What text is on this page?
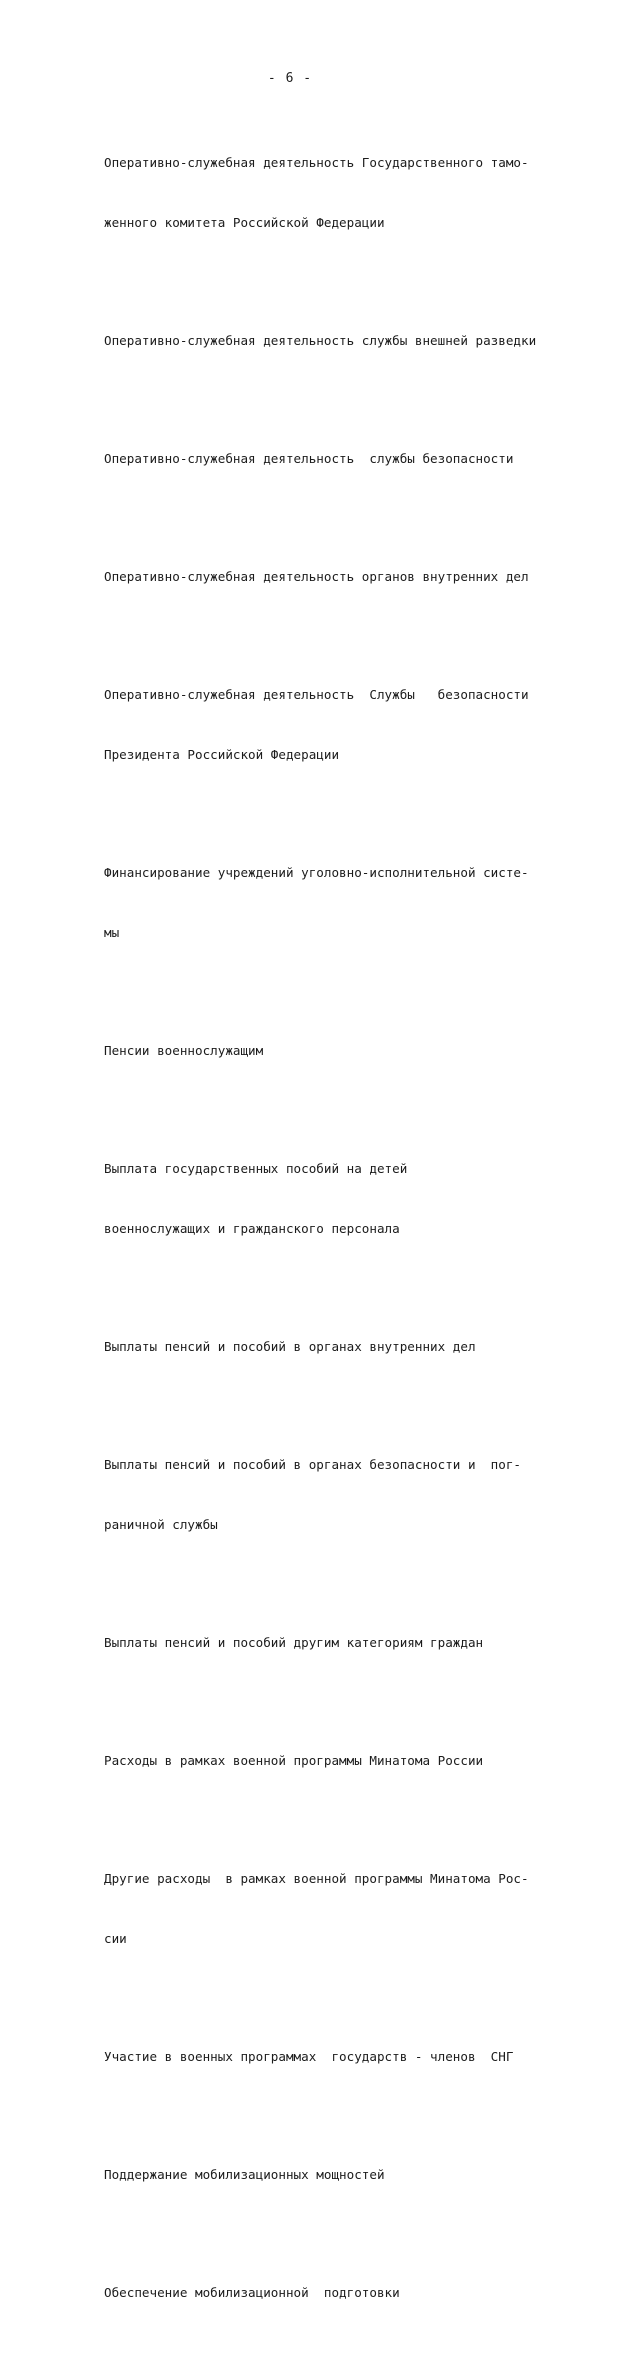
- 6 -

Оперативно-служебная деятельность Государственного тамо-

женного комитета Российской Федерации

Оперативно-служебная деятельность службы внешней разведки

Оперативно-служебная деятельность  службы безопасности

Оперативно-служебная деятельность органов внутренних дел

Оперативно-служебная деятельность  Службы   безопасности

Президента Российской Федерации

Финансирование учреждений уголовно-исполнительной систе-

мы

Пенсии военнослужащим

Выплата государственных пособий на детей

военнослужащих и гражданского персонала

Выплаты пенсий и пособий в органах внутренних дел

Выплаты пенсий и пособий в органах безопасности и  пог-

раничной службы

Выплаты пенсий и пособий другим категориям граждан

Расходы в рамках военной программы Минатома России

Другие расходы  в рамках военной программы Минатома Рос-

сии

Участие в военных программах  государств - членов  СНГ

Поддержание мобилизационных мощностей

Обеспечение мобилизационной  подготовки
